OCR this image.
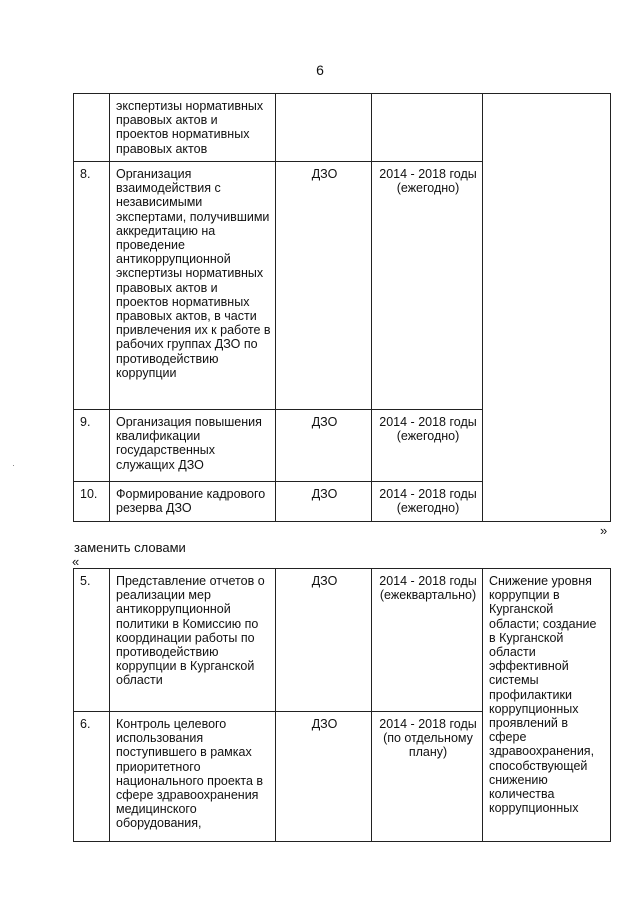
6
·
	экспертизы нормативных правовых актов и проектов нормативных правовых актов			
8.	Организация взаимодействия с независимыми экспертами, получившими аккредитацию на проведение антикоррупционной экспертизы нормативных правовых актов и проектов нормативных правовых актов, в части привлечения их к работе в рабочих группах ДЗО по противодействию коррупции	ДЗО	2014 - 2018 годы (ежегодно)	
9.	Организация повышения квалификации государственных служащих ДЗО	ДЗО	2014 - 2018 годы (ежегодно)	
10.	Формирование кадрового резерва ДЗО	ДЗО	2014 - 2018 годы (ежегодно)	
»
заменить словами
«
5.	Представление отчетов о реализации мер антикоррупционной политики в Комиссию по координации работы по противодействию коррупции в Курганской области	ДЗО	2014 - 2018 годы (ежеквартально)	Снижение уровня коррупции в Курганской области; создание в Курганской области эффективной системы профилактики коррупционных проявлений в сфере здравоохранения, способствующей снижению количества коррупционных
6.	Контроль целевого использования поступившего в рамках приоритетного национального проекта в сфере здравоохранения медицинского оборудования,	ДЗО	2014 - 2018 годы (по отдельному плану)	
